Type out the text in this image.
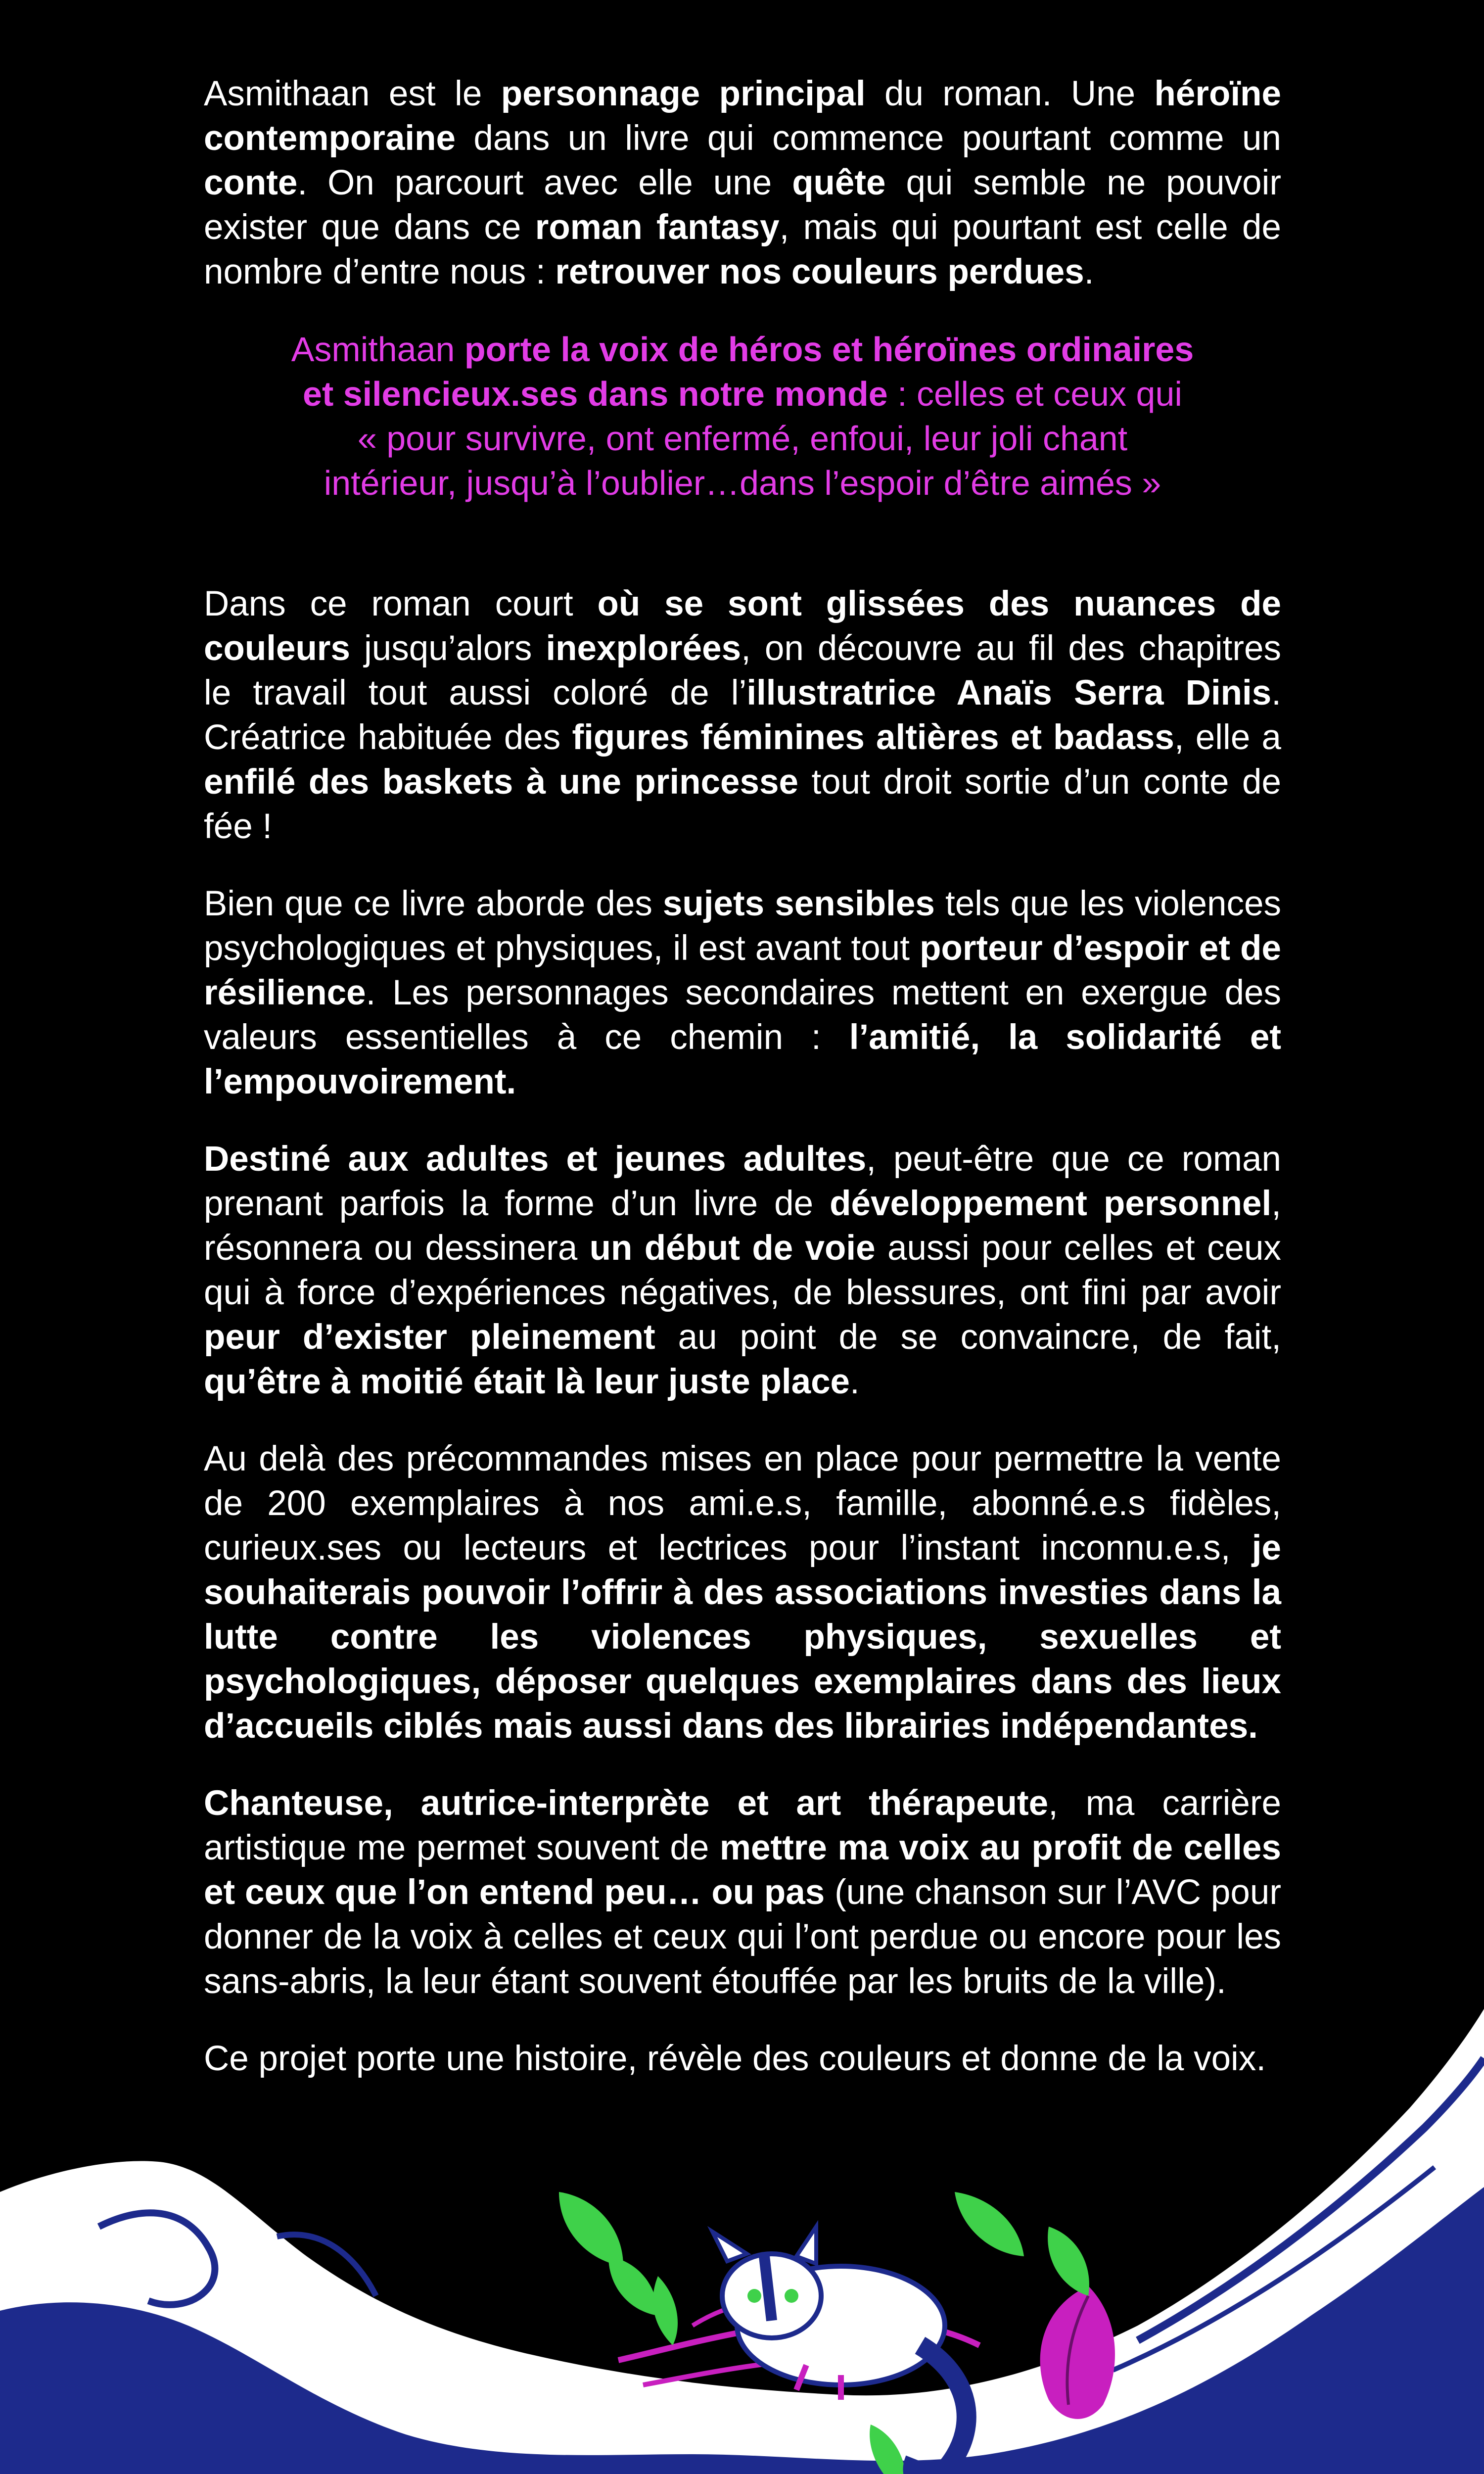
Asmithaan est le personnage principal du roman. Une héroïne contemporaine dans un livre qui commence pourtant comme un conte. On parcourt avec elle une quête qui semble ne pouvoir exister que dans ce roman fantasy, mais qui pourtant est celle de nombre d’entre nous : retrouver nos couleurs perdues.

Asmithaan porte la voix de héros et héroïnes ordinaires et silencieux.ses dans notre monde : celles et ceux qui « pour survivre, ont enfermé, enfoui, leur joli chant intérieur, jusqu’à l’oublier…dans l’espoir d’être aimés »

Dans ce roman court où se sont glissées des nuances de couleurs jusqu’alors inexplorées, on découvre au fil des chapitres le travail tout aussi coloré de l’illustratrice Anaïs Serra Dinis. Créatrice habituée des figures féminines altières et badass, elle a enfilé des baskets à une princesse tout droit sortie d’un conte de fée !

Bien que ce livre aborde des sujets sensibles tels que les violences psychologiques et physiques, il est avant tout porteur d’espoir et de résilience. Les personnages secondaires mettent en exergue des valeurs essentielles à ce chemin : l’amitié, la solidarité et l’empouvoirement.

Destiné aux adultes et jeunes adultes, peut-être que ce roman prenant parfois la forme d’un livre de développement personnel, résonnera ou dessinera un début de voie aussi pour celles et ceux qui à force d’expériences négatives, de blessures, ont fini par avoir peur d’exister pleinement au point de se convaincre, de fait, qu’être à moitié était là leur juste place.

Au delà des précommandes mises en place pour permettre la vente de 200 exemplaires à nos ami.e.s, famille, abonné.e.s fidèles, curieux.ses ou lecteurs et lectrices pour l’instant inconnu.e.s, je souhaiterais pouvoir l’offrir à des associations investies dans la lutte contre les violences physiques, sexuelles et psychologiques, déposer quelques exemplaires dans des lieux d’accueils ciblés mais aussi dans des librairies indépendantes.

Chanteuse, autrice-interprète et art thérapeute, ma carrière artistique me permet souvent de mettre ma voix au profit de celles et ceux que l’on entend peu… ou pas (une chanson sur l’AVC pour donner de la voix à celles et ceux qui l’ont perdue ou encore pour les sans-abris, la leur étant souvent étouffée par les bruits de la ville).

Ce projet porte une histoire, révèle des couleurs et donne de la voix.
